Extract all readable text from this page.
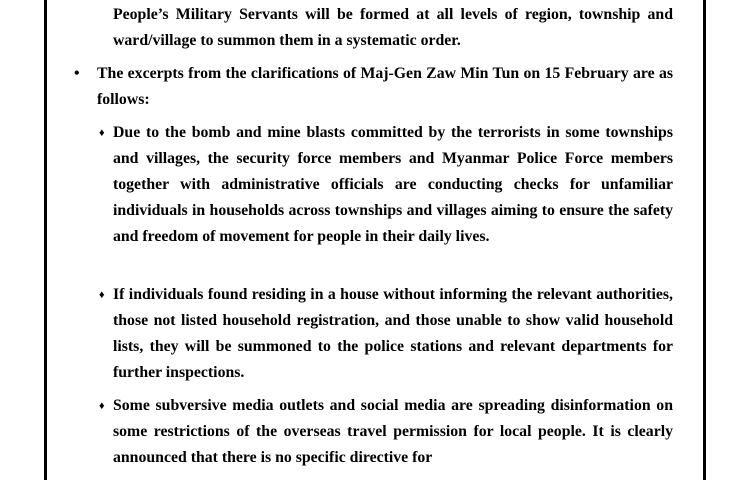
People’s Military Servants will be formed at all levels of region, township and ward/village to summon them in a systematic order.
• The excerpts from the clarifications of Maj-Gen Zaw Min Tun on 15 February are as follows:
♦ Due to the bomb and mine blasts committed by the terrorists in some townships and villages, the security force members and Myanmar Police Force members together with administrative officials are conducting checks for unfamiliar individuals in households across townships and villages aiming to ensure the safety and freedom of movement for people in their daily lives.
♦ If individuals found residing in a house without informing the relevant authorities, those not listed household registration, and those unable to show valid household lists, they will be summoned to the police stations and relevant departments for further inspections.
♦ Some subversive media outlets and social media are spreading disinformation on some restrictions of the overseas travel permission for local people. It is clearly announced that there is no specific directive for
